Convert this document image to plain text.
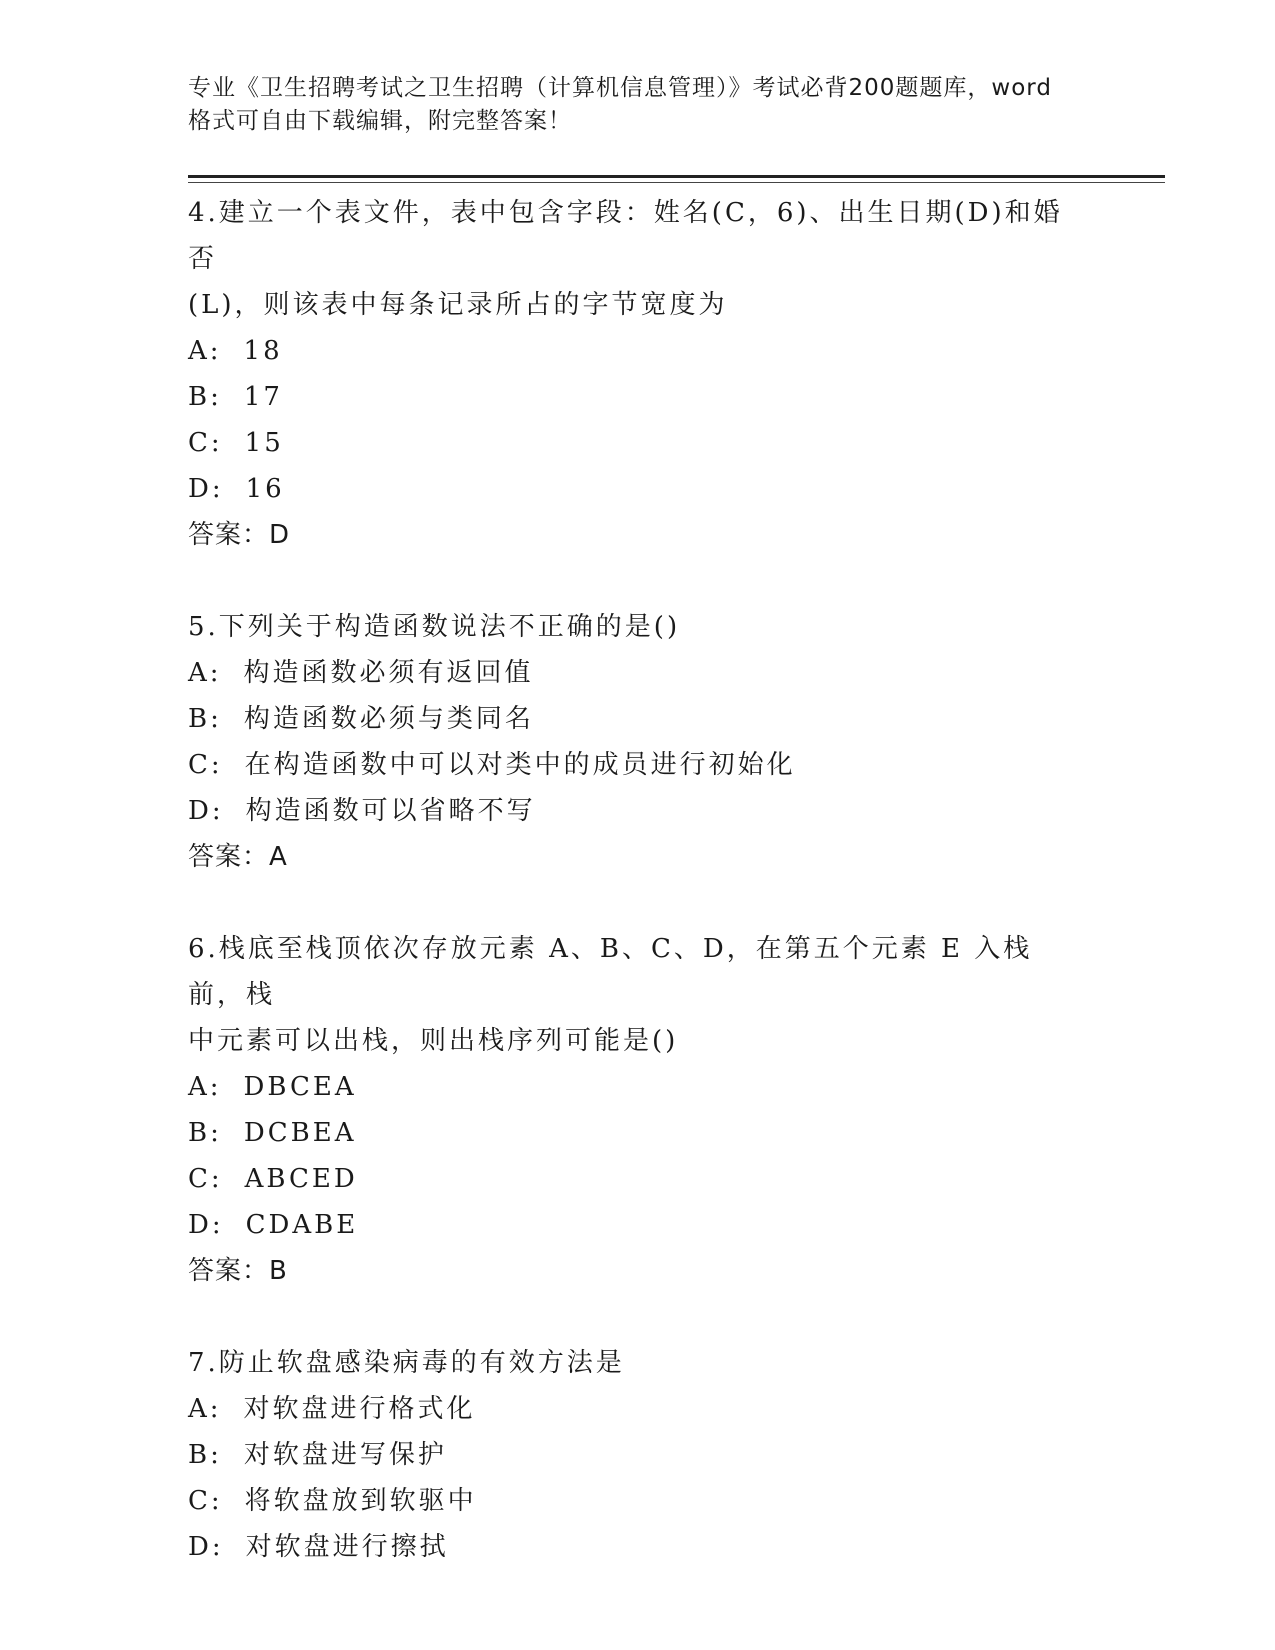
专业《卫生招聘考试之卫生招聘（计算机信息管理）》考试必背200题题库，word
格式可自由下载编辑，附完整答案！

4.建立一个表文件，表中包含字段：姓名(C，6)、出生日期(D)和婚否

(L)，则该表中每条记录所占的字节宽度为

A: 18

B: 17

C: 15

D: 16

答案：D

5.下列关于构造函数说法不正确的是()

A: 构造函数必须有返回值

B: 构造函数必须与类同名

C: 在构造函数中可以对类中的成员进行初始化

D: 构造函数可以省略不写

答案：A

6.栈底至栈顶依次存放元素 A、B、C、D，在第五个元素 E 入栈前，栈

中元素可以出栈，则出栈序列可能是()

A: DBCEA

B: DCBEA

C: ABCED

D: CDABE

答案：B

7.防止软盘感染病毒的有效方法是

A: 对软盘进行格式化

B: 对软盘进写保护

C: 将软盘放到软驱中

D: 对软盘进行擦拭
